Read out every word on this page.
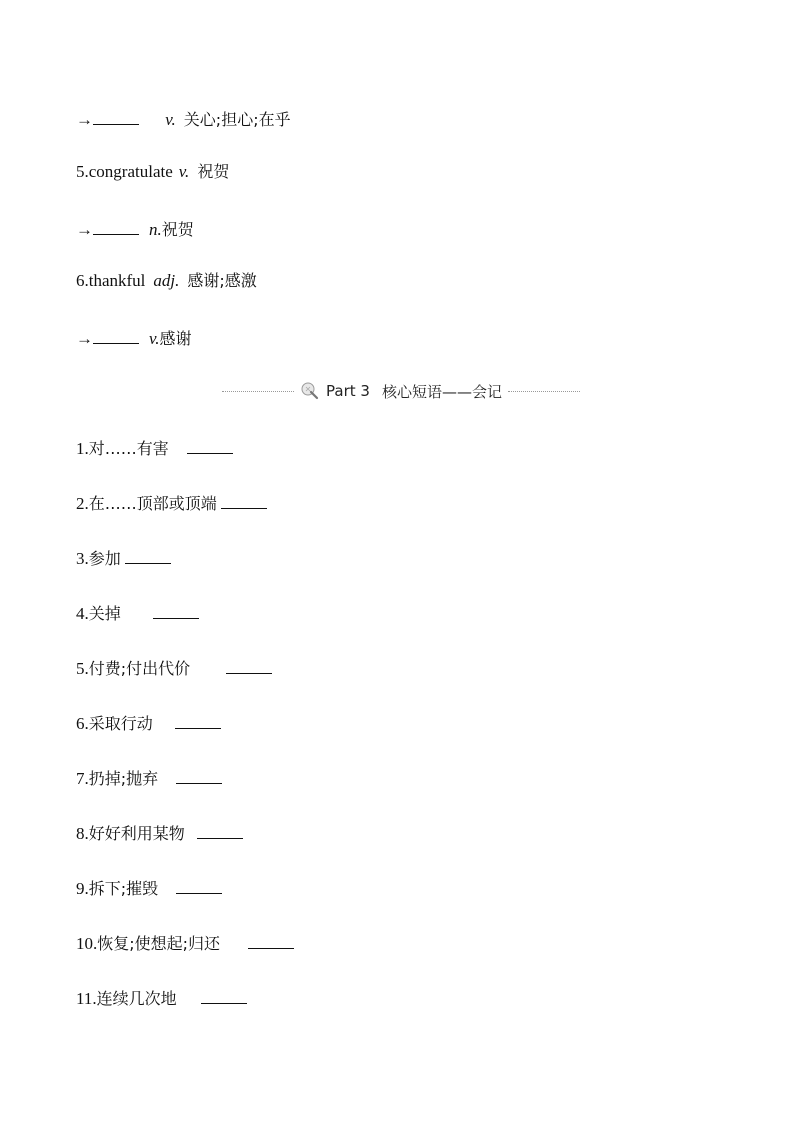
→
	v. 关心;担心;在乎
5. congratulate v. 祝贺
→	n. 祝贺
6. thankful adj. 感谢;感激
→	v. 感谢
Part 3 核心短语——会记
1. 对……有害
2. 在……顶部或顶端
3. 参加
4. 关掉
5. 付费;付出代价
6. 采取行动
7. 扔掉;抛弃
8. 好好利用某物
9. 拆下;摧毁
10. 恢复;使想起;归还
11. 连续几次地
